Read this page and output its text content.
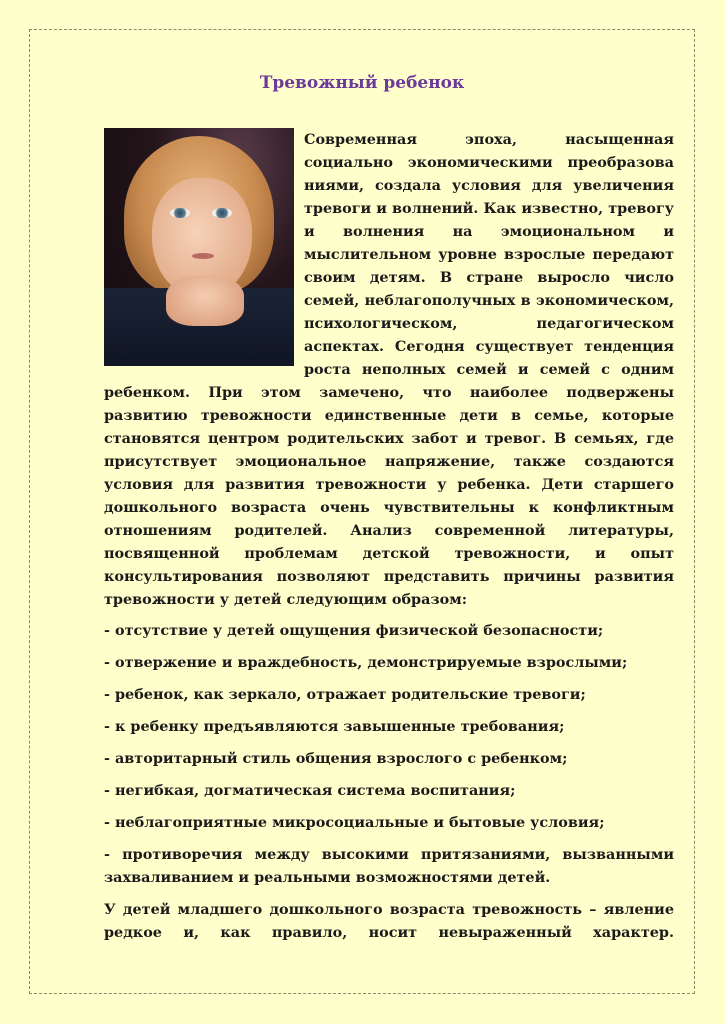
Тревожный ребенок

Современная эпоха, насыщенная социально экономическими преобразова ниями, создала условия для увеличения тревоги и волнений. Как известно, тревогу и волнения на эмоциональном и мыслительном уровне взрослые передают своим детям. В стране выросло число семей, неблагополучных в экономическом, психологическом, педагогическом аспектах. Сегодня существует тенденция роста неполных семей и семей с одним ребенком. При этом замечено, что наиболее подвержены развитию тревожности единственные дети в семье, которые становятся центром родительских забот и тревог. В семьях, где присутствует эмоциональное напряжение, также создаются условия для развития тревожности у ребенка. Дети старшего дошкольного возраста очень чувствительны к конфликтным отношениям родителей. Анализ современной литературы, посвященной проблемам детской тревожности, и опыт консультирования позволяют представить причины развития тревожности у детей следующим образом:

- отсутствие у детей ощущения физической безопасности;

- отвержение и враждебность, демонстрируемые взрослыми;

- ребенок, как зеркало, отражает родительские тревоги;

- к ребенку предъявляются завышенные требования;

- авторитарный стиль общения взрослого с ребенком;

- негибкая, догматическая система воспитания;

- неблагоприятные микросоциальные и бытовые условия;

- противоречия между высокими притязаниями, вызванными захваливанием и реальными возможностями детей.

У детей младшего дошкольного возраста тревожность – явление редкое и, как правило, носит невыраженный характер.
